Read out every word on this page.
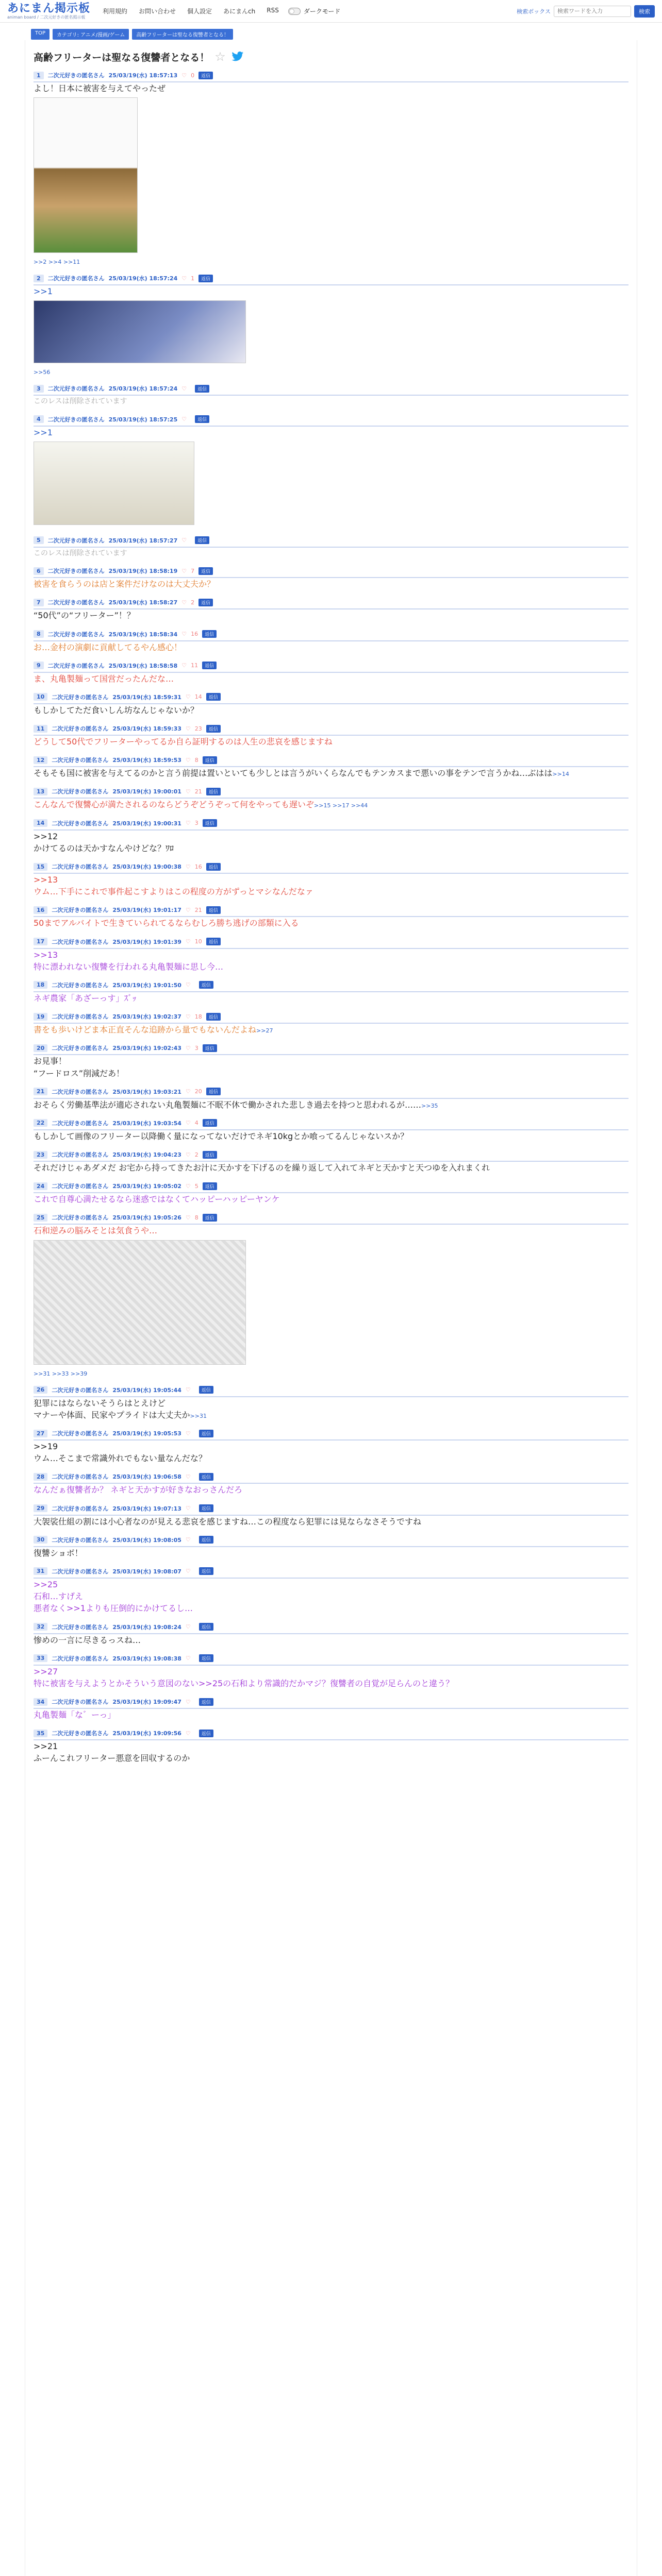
あにまん掲示板
animan board / 二次元好きの匿名掲示板
利用規約 お問い合わせ 個人設定 あにまんch RSS	ダークモード	検索ボックス
検索ワードを入力	検索
TOP	カテゴリ: アニメ/漫画/ゲーム	高齢フリーターは聖なる復讐者となる！
高齢フリーターは聖なる復讐者となる！ ☆
1	二次元好きの匿名さん 25/03/19(水) 18:57:13 ♡ 0	返信
よし！日本に被害を与えてやったぜ
>>2 >>4 >>11
2	二次元好きの匿名さん 25/03/19(水) 18:57:24 ♡ 1	返信
>>1
>>56
3	二次元好きの匿名さん 25/03/19(水) 18:57:24 ♡	返信
このレスは削除されています
4	二次元好きの匿名さん 25/03/19(水) 18:57:25 ♡	返信
>>1
5	二次元好きの匿名さん 25/03/19(水) 18:57:27 ♡	返信
このレスは削除されています
6	二次元好きの匿名さん 25/03/19(水) 18:58:19 ♡ 7	返信
被害を食らうのは店と案件だけなのは大丈夫か？
7	二次元好きの匿名さん 25/03/19(水) 18:58:27 ♡ 2	返信
“50代”の“フリーター”！？
8	二次元好きの匿名さん 25/03/19(水) 18:58:34 ♡ 16	返信
お…金村の演劇に貢献してるやん感心！
9	二次元好きの匿名さん 25/03/19(水) 18:58:58 ♡ 11	返信
ま、丸亀製麺って国営だったんだな…
10	二次元好きの匿名さん 25/03/19(水) 18:59:31 ♡ 14	返信
もしかしてただ食いしん坊なんじゃないか？
11	二次元好きの匿名さん 25/03/19(水) 18:59:33 ♡ 23	返信
どうして50代でフリーターやってるか自ら証明するのは人生の悲哀を感じますね
12	二次元好きの匿名さん 25/03/19(水) 18:59:53 ♡ 8	返信
そもそも国に被害を与えてるのかと言う前提は置いといても少しとは言うがいくらなんでもテンカスまで悪いの事をテンで言うかね…ぶはは>>14
13	二次元好きの匿名さん 25/03/19(水) 19:00:01 ♡ 21	返信
こんなんで復讐心が満たされるのならどうぞどうぞって何をやっても遅いぞ>>15 >>17 >>44
14	二次元好きの匿名さん 25/03/19(水) 19:00:31 ♡ 3	返信
>>12
かけてるのは天かすなんやけどな？ﾜﾛ
15	二次元好きの匿名さん 25/03/19(水) 19:00:38 ♡ 16	返信
>>13
ウム…下手にこれで事件起こすよりはこの程度の方がずっとマシなんだなァ
16	二次元好きの匿名さん 25/03/19(水) 19:01:17 ♡ 21	返信
50までアルバイトで生きていられてるならむしろ勝ち逃げの部類に入る
17	二次元好きの匿名さん 25/03/19(水) 19:01:39 ♡ 10	返信
>>13
特に漂われない復讐を行われる丸亀製麺に思し今…
18	二次元好きの匿名さん 25/03/19(水) 19:01:50 ♡	返信
ネギ農家「あざーっす」ｽﾞｯ
19	二次元好きの匿名さん 25/03/19(水) 19:02:37 ♡ 18	返信
書をも歩いけどま本正直そんな追跡から量でもないんだよね>>27
20	二次元好きの匿名さん 25/03/19(水) 19:02:43 ♡ 3	返信
お見事！
“フードロス”削減だあ！
21	二次元好きの匿名さん 25/03/19(水) 19:03:21 ♡ 20	返信
おそらく労働基準法が適応されない丸亀製麺に不眠不休で働かされた悲しき過去を持つと思われるが……>>35
22	二次元好きの匿名さん 25/03/19(水) 19:03:54 ♡ 4	返信
もしかして画像のフリーター以降働く量になってないだけでネギ10kgとか喰ってるんじゃないスか？
23	二次元好きの匿名さん 25/03/19(水) 19:04:23 ♡ 2	返信
それだけじゃあダメだ お宅から持ってきたお汁に天かすを下げるのを繰り返して入れてネギと天かすと天つゆを入れまくれ
24	二次元好きの匿名さん 25/03/19(水) 19:05:02 ♡ 5	返信
これで自尊心満たせるなら迷惑ではなくてハッピーハッピーヤンケ
25	二次元好きの匿名さん 25/03/19(水) 19:05:26 ♡ 8	返信
石和逆みの脳みそとは気食うや…
>>31 >>33 >>39
26	二次元好きの匿名さん 25/03/19(水) 19:05:44 ♡	返信
犯罪にはならないそうらはとえけど
マナーや体面、民家やプライドは大丈夫か>>31
27	二次元好きの匿名さん 25/03/19(水) 19:05:53 ♡	返信
>>19
ウム…そこまで常識外れでもない量なんだな？
28	二次元好きの匿名さん 25/03/19(水) 19:06:58 ♡	返信
なんだぁ復讐者か？ ネギと天かすが好きなおっさんだろ
29	二次元好きの匿名さん 25/03/19(水) 19:07:13 ♡	返信
大袈裟仕組の割には小心者なのが見える悲哀を感じますね…この程度なら犯罪には見ならなさそうですね
30	二次元好きの匿名さん 25/03/19(水) 19:08:05 ♡	返信
復讐ショボ！
31	二次元好きの匿名さん 25/03/19(水) 19:08:07 ♡	返信
>>25
石和…すげえ
悪者なく>>1よりも圧倒的にかけてるし…
32	二次元好きの匿名さん 25/03/19(水) 19:08:24 ♡	返信
惨めの一言に尽きるっスね…
33	二次元好きの匿名さん 25/03/19(水) 19:08:38 ♡	返信
>>27
特に被害を与えようとかそういう意図のない>>25の石和より常識的だかマジ？復讐者の自覚が足らんのと違う？
34	二次元好きの匿名さん 25/03/19(水) 19:09:47 ♡	返信
丸亀製麺「な゛ーっ」
35	二次元好きの匿名さん 25/03/19(水) 19:09:56 ♡	返信
>>21
ふーんこれフリーター悪意を回収するのか
